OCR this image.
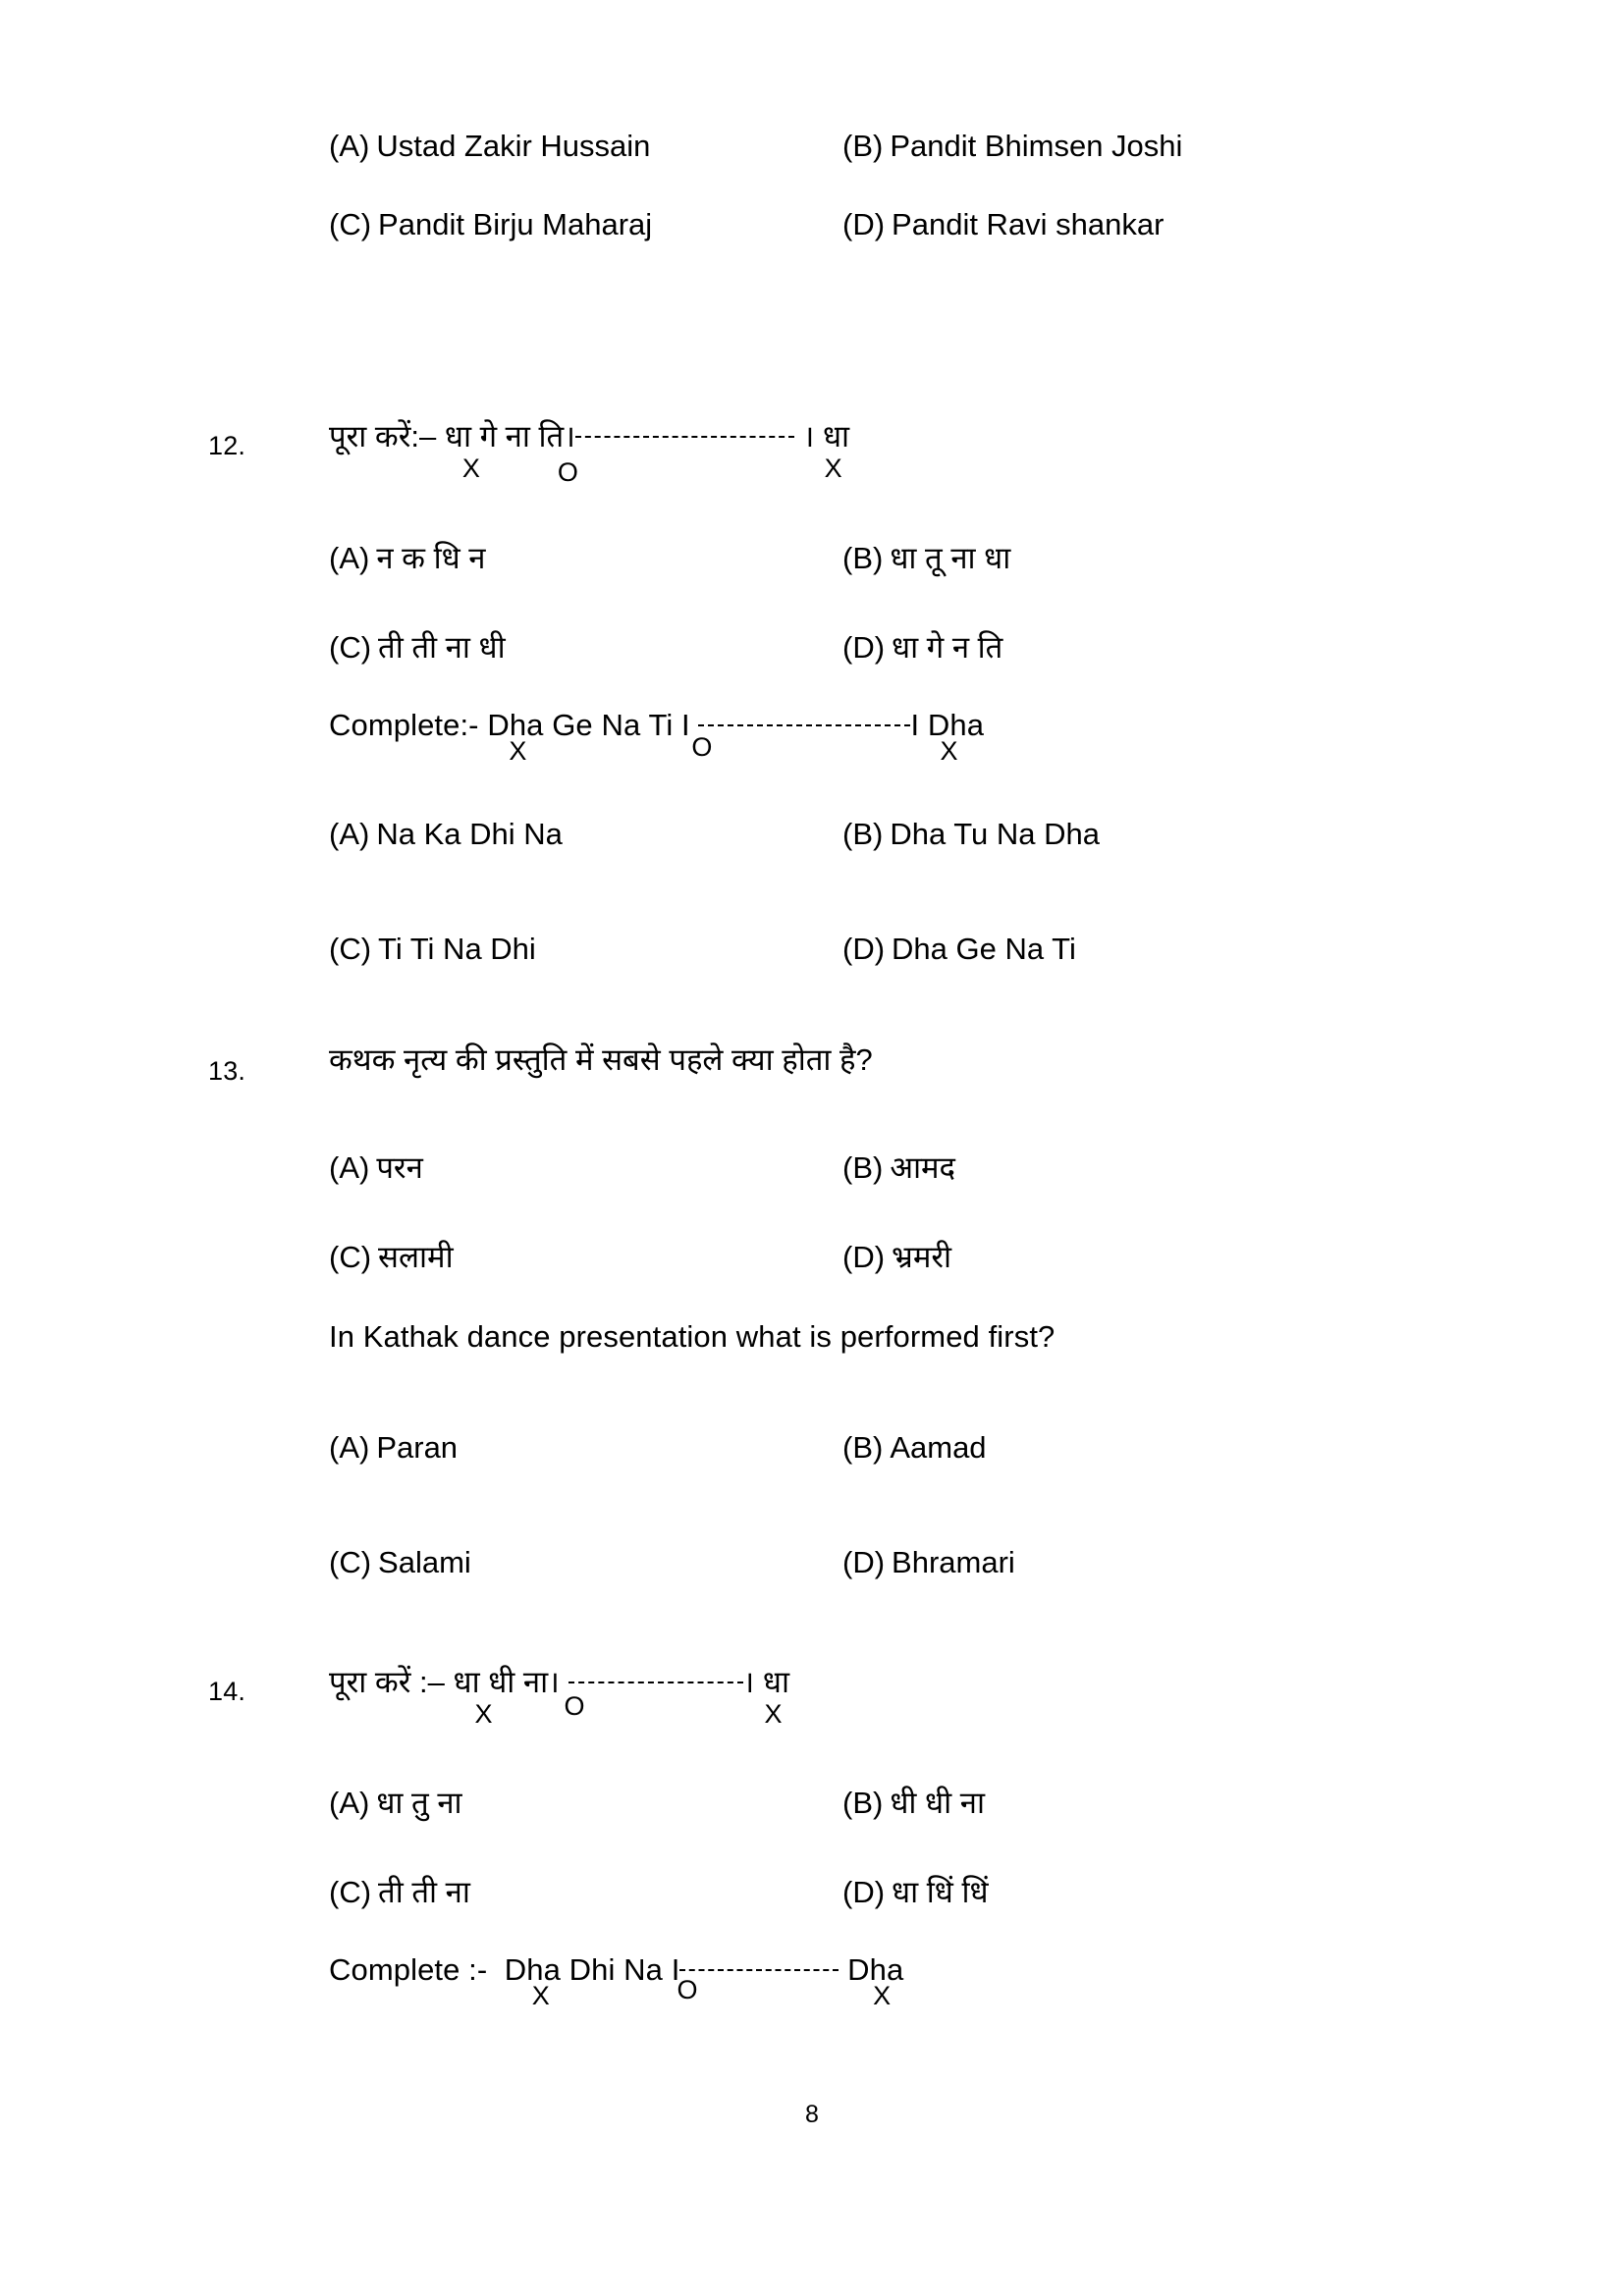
(A) Ustad Zakir Hussain	(B) Pandit Bhimsen Joshi
(C) Pandit Birju Maharaj	(D) Pandit Ravi shankar
12.	पूरा करें:– धा गे ना ति।
X	O
। धा
X
(A) न क धि न	(B) धा तू ना धा
(C) ती ती ना धी	(D) धा गे न ति
Complete:- Dha Ge Na Ti I
X	O

I Dha
X
(A) Na Ka Dhi Na	(B) Dha Tu Na Dha
(C) Ti Ti Na Dhi	(D) Dha Ge Na Ti
13.	कथक नृत्य की प्रस्तुति में सबसे पहले क्या होता है?
(A) परन	(B) आमद
(C) सलामी	(D) भ्रमरी
In Kathak dance presentation what is performed first?
(A) Paran	(B) Aamad
(C) Salami	(D) Bhramari
14.	पूरा करें :– धा धी ना।
X
	O
। धा
X
(A) धा तु ना	(B) धी धी ना
(C) ती ती ना	(D) धा धिं धिं
Complete :- Dha Dhi Na I
X	O
Dha
X
8
